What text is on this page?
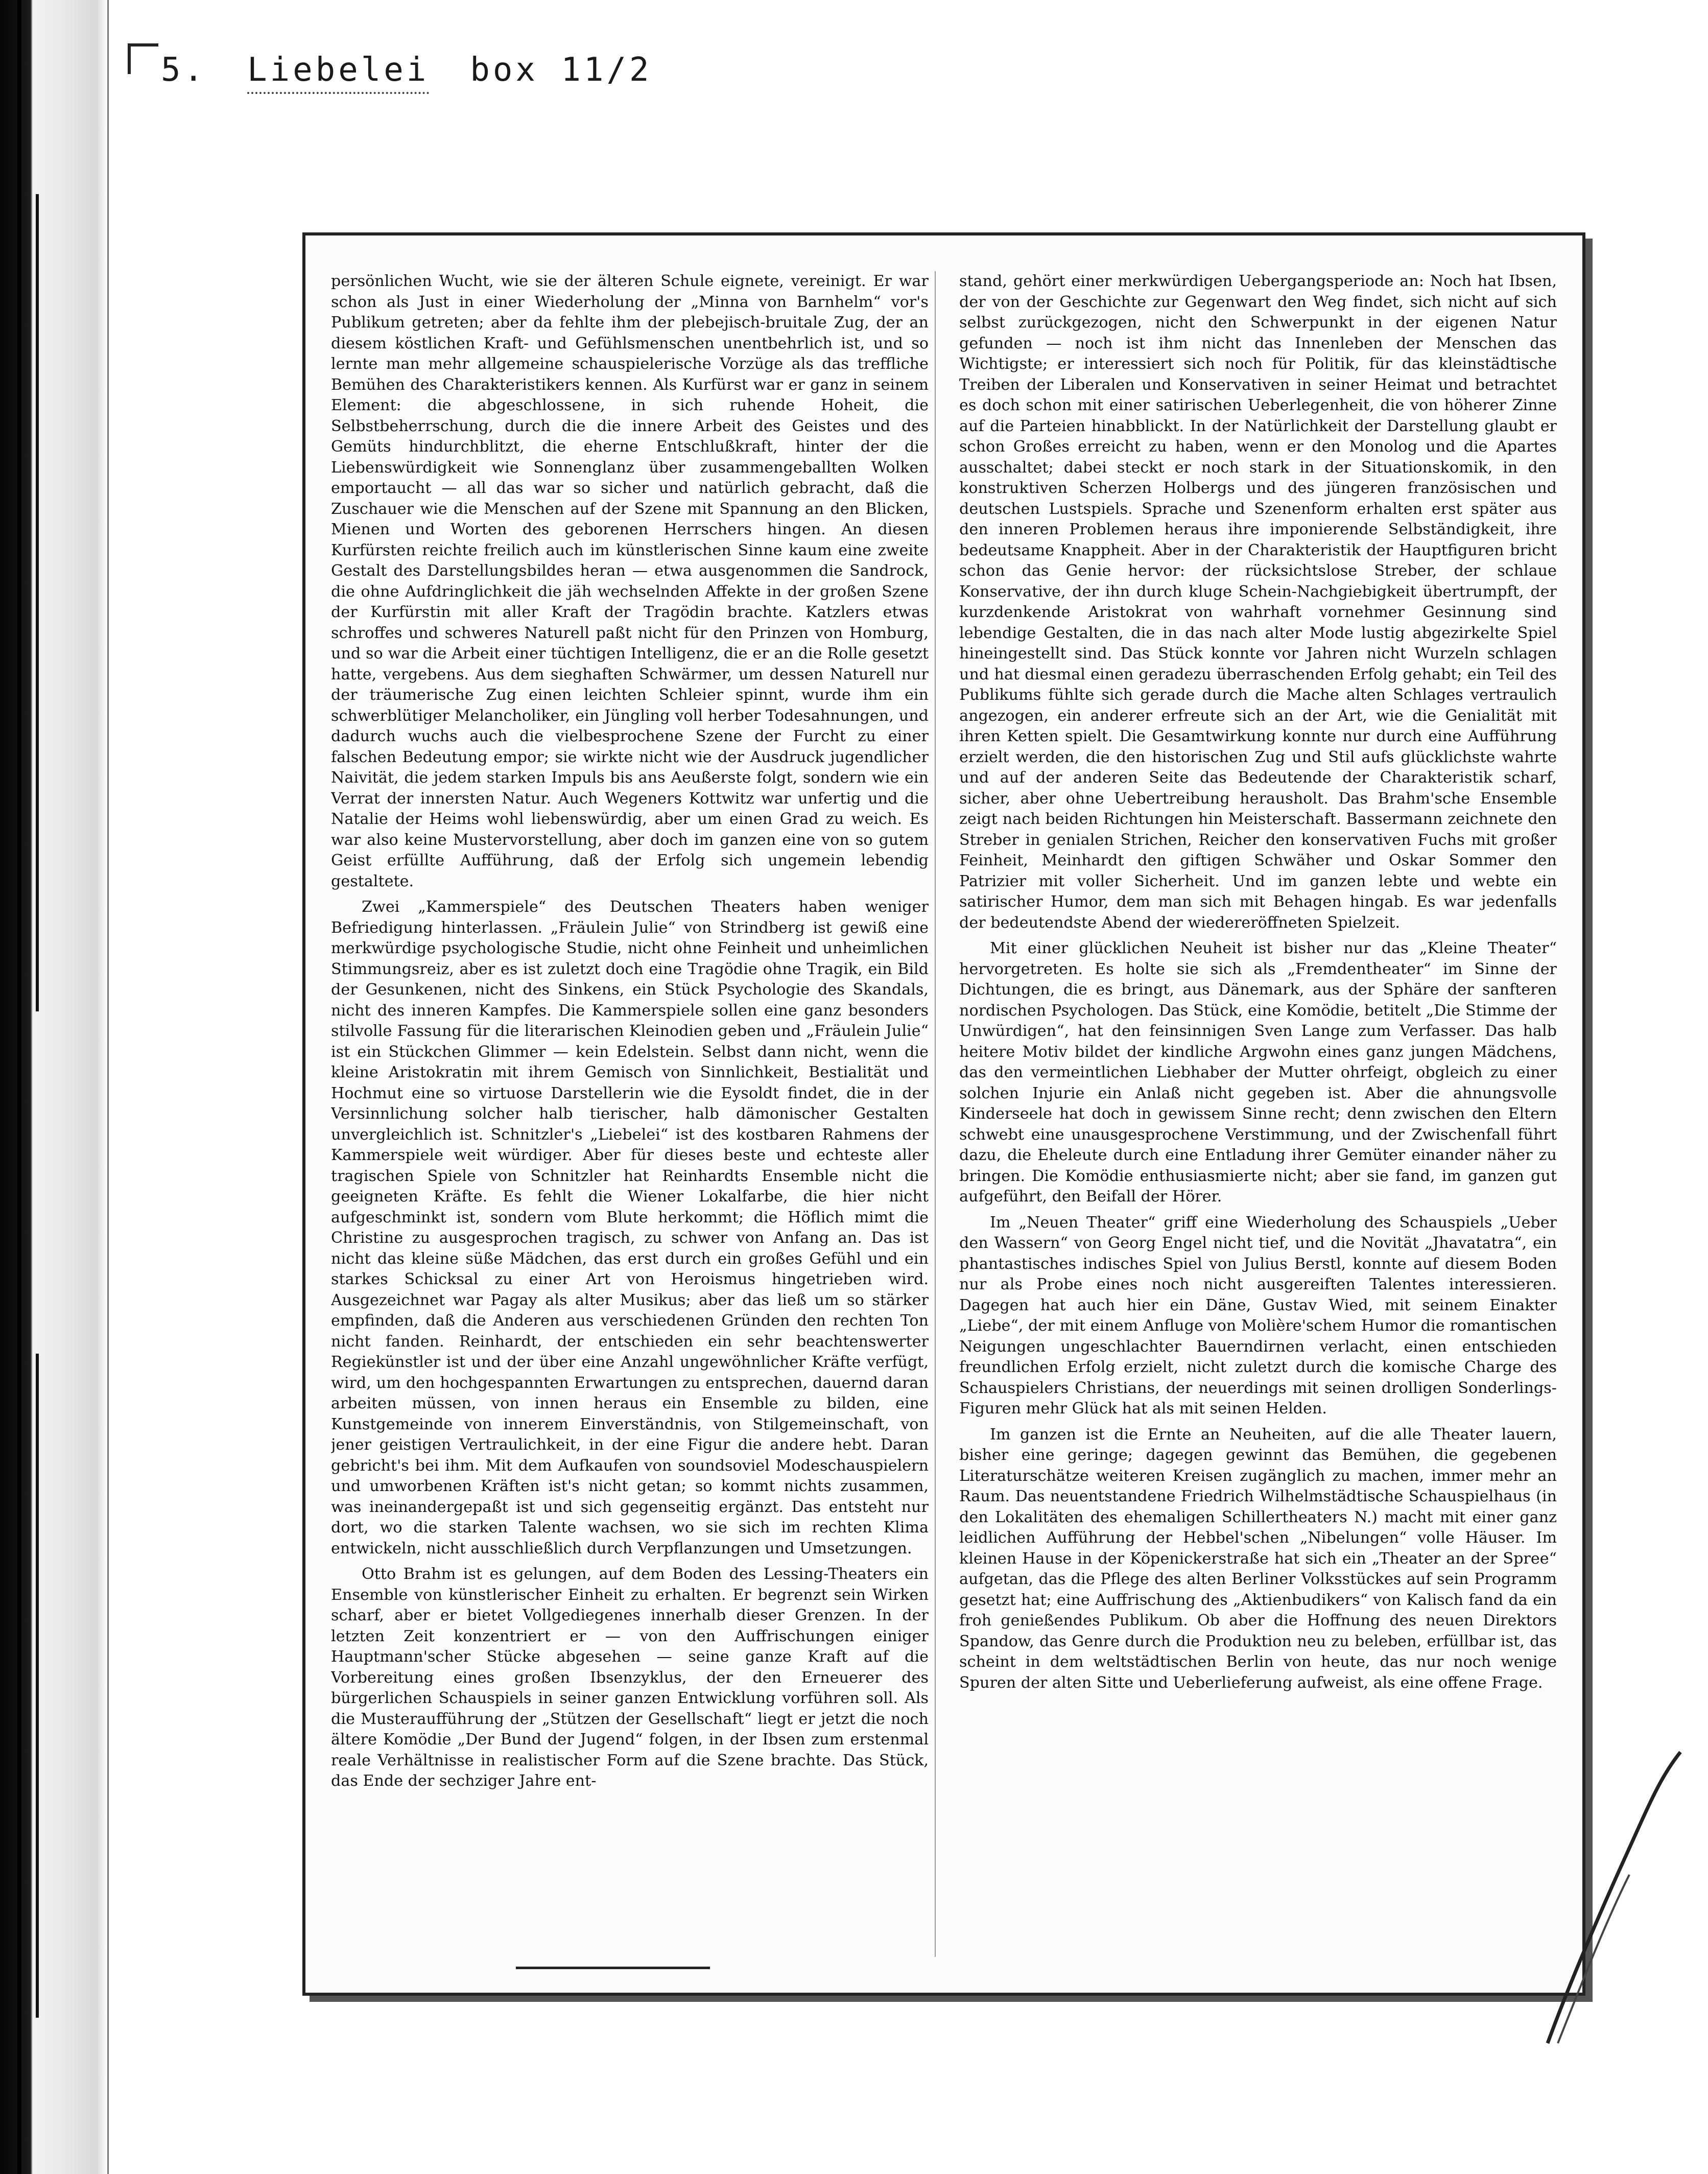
5. Liebelei box 11/2

persönlichen Wucht, wie sie der älteren Schule eignete, vereinigt. Er war schon als Just in einer Wiederholung der „Minna von Barnhelm“ vor's Publikum getreten; aber da fehlte ihm der plebejisch-bruitale Zug, der an diesem köstlichen Kraft- und Gefühlsmenschen unentbehrlich ist, und so lernte man mehr allgemeine schauspielerische Vorzüge als das treffliche Bemühen des Charakteristikers kennen. Als Kurfürst war er ganz in seinem Element: die abgeschlossene, in sich ruhende Hoheit, die Selbstbeherrschung, durch die die innere Arbeit des Geistes und des Gemüts hindurchblitzt, die eherne Entschlußkraft, hinter der die Liebenswürdigkeit wie Sonnenglanz über zusammengeballten Wolken emportaucht — all das war so sicher und natürlich gebracht, daß die Zuschauer wie die Menschen auf der Szene mit Spannung an den Blicken, Mienen und Worten des geborenen Herrschers hingen. An diesen Kurfürsten reichte freilich auch im künstlerischen Sinne kaum eine zweite Gestalt des Darstellungsbildes heran — etwa ausgenommen die Sandrock, die ohne Aufdringlichkeit die jäh wechselnden Affekte in der großen Szene der Kurfürstin mit aller Kraft der Tragödin brachte. Katzlers etwas schroffes und schweres Naturell paßt nicht für den Prinzen von Homburg, und so war die Arbeit einer tüchtigen Intelligenz, die er an die Rolle gesetzt hatte, vergebens. Aus dem sieghaften Schwärmer, um dessen Naturell nur der träumerische Zug einen leichten Schleier spinnt, wurde ihm ein schwerblütiger Melancholiker, ein Jüngling voll herber Todesahnungen, und dadurch wuchs auch die vielbesprochene Szene der Furcht zu einer falschen Bedeutung empor; sie wirkte nicht wie der Ausdruck jugendlicher Naivität, die jedem starken Impuls bis ans Aeußerste folgt, sondern wie ein Verrat der innersten Natur. Auch Wegeners Kottwitz war unfertig und die Natalie der Heims wohl liebenswürdig, aber um einen Grad zu weich. Es war also keine Mustervorstellung, aber doch im ganzen eine von so gutem Geist erfüllte Aufführung, daß der Erfolg sich ungemein lebendig gestaltete.

Zwei „Kammerspiele“ des Deutschen Theaters haben weniger Befriedigung hinterlassen. „Fräulein Julie“ von Strindberg ist gewiß eine merkwürdige psychologische Studie, nicht ohne Feinheit und unheimlichen Stimmungsreiz, aber es ist zuletzt doch eine Tragödie ohne Tragik, ein Bild der Gesunkenen, nicht des Sinkens, ein Stück Psychologie des Skandals, nicht des inneren Kampfes. Die Kammerspiele sollen eine ganz besonders stilvolle Fassung für die literarischen Kleinodien geben und „Fräulein Julie“ ist ein Stückchen Glimmer — kein Edelstein. Selbst dann nicht, wenn die kleine Aristokratin mit ihrem Gemisch von Sinnlichkeit, Bestialität und Hochmut eine so virtuose Darstellerin wie die Eysoldt findet, die in der Versinnlichung solcher halb tierischer, halb dämonischer Gestalten unvergleichlich ist. Schnitzler's „Liebelei“ ist des kostbaren Rahmens der Kammerspiele weit würdiger. Aber für dieses beste und echteste aller tragischen Spiele von Schnitzler hat Reinhardts Ensemble nicht die geeigneten Kräfte. Es fehlt die Wiener Lokalfarbe, die hier nicht aufgeschminkt ist, sondern vom Blute herkommt; die Höflich mimt die Christine zu ausgesprochen tragisch, zu schwer von Anfang an. Das ist nicht das kleine süße Mädchen, das erst durch ein großes Gefühl und ein starkes Schicksal zu einer Art von Heroismus hingetrieben wird. Ausgezeichnet war Pagay als alter Musikus; aber das ließ um so stärker empfinden, daß die Anderen aus verschiedenen Gründen den rechten Ton nicht fanden. Reinhardt, der entschieden ein sehr beachtenswerter Regiekünstler ist und der über eine Anzahl ungewöhnlicher Kräfte verfügt, wird, um den hochgespannten Erwartungen zu entsprechen, dauernd daran arbeiten müssen, von innen heraus ein Ensemble zu bilden, eine Kunstgemeinde von innerem Einverständnis, von Stilgemeinschaft, von jener geistigen Vertraulichkeit, in der eine Figur die andere hebt. Daran gebricht's bei ihm. Mit dem Aufkaufen von soundsoviel Modeschauspielern und umworbenen Kräften ist's nicht getan; so kommt nichts zusammen, was ineinandergepaßt ist und sich gegenseitig ergänzt. Das entsteht nur dort, wo die starken Talente wachsen, wo sie sich im rechten Klima entwickeln, nicht ausschließlich durch Verpflanzungen und Umsetzungen.

Otto Brahm ist es gelungen, auf dem Boden des Lessing-Theaters ein Ensemble von künstlerischer Einheit zu erhalten. Er begrenzt sein Wirken scharf, aber er bietet Vollgediegenes innerhalb dieser Grenzen. In der letzten Zeit konzentriert er — von den Auffrischungen einiger Hauptmann'scher Stücke abgesehen — seine ganze Kraft auf die Vorbereitung eines großen Ibsenzyklus, der den Erneuerer des bürgerlichen Schauspiels in seiner ganzen Entwicklung vorführen soll. Als die Musteraufführung der „Stützen der Gesellschaft“ liegt er jetzt die noch ältere Komödie „Der Bund der Jugend“ folgen, in der Ibsen zum erstenmal reale Verhältnisse in realistischer Form auf die Szene brachte. Das Stück, das Ende der sechziger Jahre ent-

stand, gehört einer merkwürdigen Uebergangsperiode an: Noch hat Ibsen, der von der Geschichte zur Gegenwart den Weg findet, sich nicht auf sich selbst zurückgezogen, nicht den Schwerpunkt in der eigenen Natur gefunden — noch ist ihm nicht das Innenleben der Menschen das Wichtigste; er interessiert sich noch für Politik, für das kleinstädtische Treiben der Liberalen und Konservativen in seiner Heimat und betrachtet es doch schon mit einer satirischen Ueberlegenheit, die von höherer Zinne auf die Parteien hinabblickt. In der Natürlichkeit der Darstellung glaubt er schon Großes erreicht zu haben, wenn er den Monolog und die Apartes ausschaltet; dabei steckt er noch stark in der Situationskomik, in den konstruktiven Scherzen Holbergs und des jüngeren französischen und deutschen Lustspiels. Sprache und Szenenform erhalten erst später aus den inneren Problemen heraus ihre imponierende Selbständigkeit, ihre bedeutsame Knappheit. Aber in der Charakteristik der Hauptfiguren bricht schon das Genie hervor: der rücksichtslose Streber, der schlaue Konservative, der ihn durch kluge Schein-Nachgiebigkeit übertrumpft, der kurzdenkende Aristokrat von wahrhaft vornehmer Gesinnung sind lebendige Gestalten, die in das nach alter Mode lustig abgezirkelte Spiel hineingestellt sind. Das Stück konnte vor Jahren nicht Wurzeln schlagen und hat diesmal einen geradezu überraschenden Erfolg gehabt; ein Teil des Publikums fühlte sich gerade durch die Mache alten Schlages vertraulich angezogen, ein anderer erfreute sich an der Art, wie die Genialität mit ihren Ketten spielt. Die Gesamtwirkung konnte nur durch eine Aufführung erzielt werden, die den historischen Zug und Stil aufs glücklichste wahrte und auf der anderen Seite das Bedeutende der Charakteristik scharf, sicher, aber ohne Uebertreibung herausholt. Das Brahm'sche Ensemble zeigt nach beiden Richtungen hin Meisterschaft. Bassermann zeichnete den Streber in genialen Strichen, Reicher den konservativen Fuchs mit großer Feinheit, Meinhardt den giftigen Schwäher und Oskar Sommer den Patrizier mit voller Sicherheit. Und im ganzen lebte und webte ein satirischer Humor, dem man sich mit Behagen hingab. Es war jedenfalls der bedeutendste Abend der wiedereröffneten Spielzeit.

Mit einer glücklichen Neuheit ist bisher nur das „Kleine Theater“ hervorgetreten. Es holte sie sich als „Fremdentheater“ im Sinne der Dichtungen, die es bringt, aus Dänemark, aus der Sphäre der sanfteren nordischen Psychologen. Das Stück, eine Komödie, betitelt „Die Stimme der Unwürdigen“, hat den feinsinnigen Sven Lange zum Verfasser. Das halb heitere Motiv bildet der kindliche Argwohn eines ganz jungen Mädchens, das den vermeintlichen Liebhaber der Mutter ohrfeigt, obgleich zu einer solchen Injurie ein Anlaß nicht gegeben ist. Aber die ahnungsvolle Kinderseele hat doch in gewissem Sinne recht; denn zwischen den Eltern schwebt eine unausgesprochene Verstimmung, und der Zwischenfall führt dazu, die Eheleute durch eine Entladung ihrer Gemüter einander näher zu bringen. Die Komödie enthusiasmierte nicht; aber sie fand, im ganzen gut aufgeführt, den Beifall der Hörer.

Im „Neuen Theater“ griff eine Wiederholung des Schauspiels „Ueber den Wassern“ von Georg Engel nicht tief, und die Novität „Jhavatatra“, ein phantastisches indisches Spiel von Julius Berstl, konnte auf diesem Boden nur als Probe eines noch nicht ausgereiften Talentes interessieren. Dagegen hat auch hier ein Däne, Gustav Wied, mit seinem Einakter „Liebe“, der mit einem Anfluge von Molière'schem Humor die romantischen Neigungen ungeschlachter Bauerndirnen verlacht, einen entschieden freundlichen Erfolg erzielt, nicht zuletzt durch die komische Charge des Schauspielers Christians, der neuerdings mit seinen drolligen Sonderlings-Figuren mehr Glück hat als mit seinen Helden.

Im ganzen ist die Ernte an Neuheiten, auf die alle Theater lauern, bisher eine geringe; dagegen gewinnt das Bemühen, die gegebenen Literaturschätze weiteren Kreisen zugänglich zu machen, immer mehr an Raum. Das neuentstandene Friedrich Wilhelmstädtische Schauspielhaus (in den Lokalitäten des ehemaligen Schillertheaters N.) macht mit einer ganz leidlichen Aufführung der Hebbel'schen „Nibelungen“ volle Häuser. Im kleinen Hause in der Köpenickerstraße hat sich ein „Theater an der Spree“ aufgetan, das die Pflege des alten Berliner Volksstückes auf sein Programm gesetzt hat; eine Auffrischung des „Aktienbudikers“ von Kalisch fand da ein froh genießendes Publikum. Ob aber die Hoffnung des neuen Direktors Spandow, das Genre durch die Produktion neu zu beleben, erfüllbar ist, das scheint in dem weltstädtischen Berlin von heute, das nur noch wenige Spuren der alten Sitte und Ueberlieferung aufweist, als eine offene Frage.
